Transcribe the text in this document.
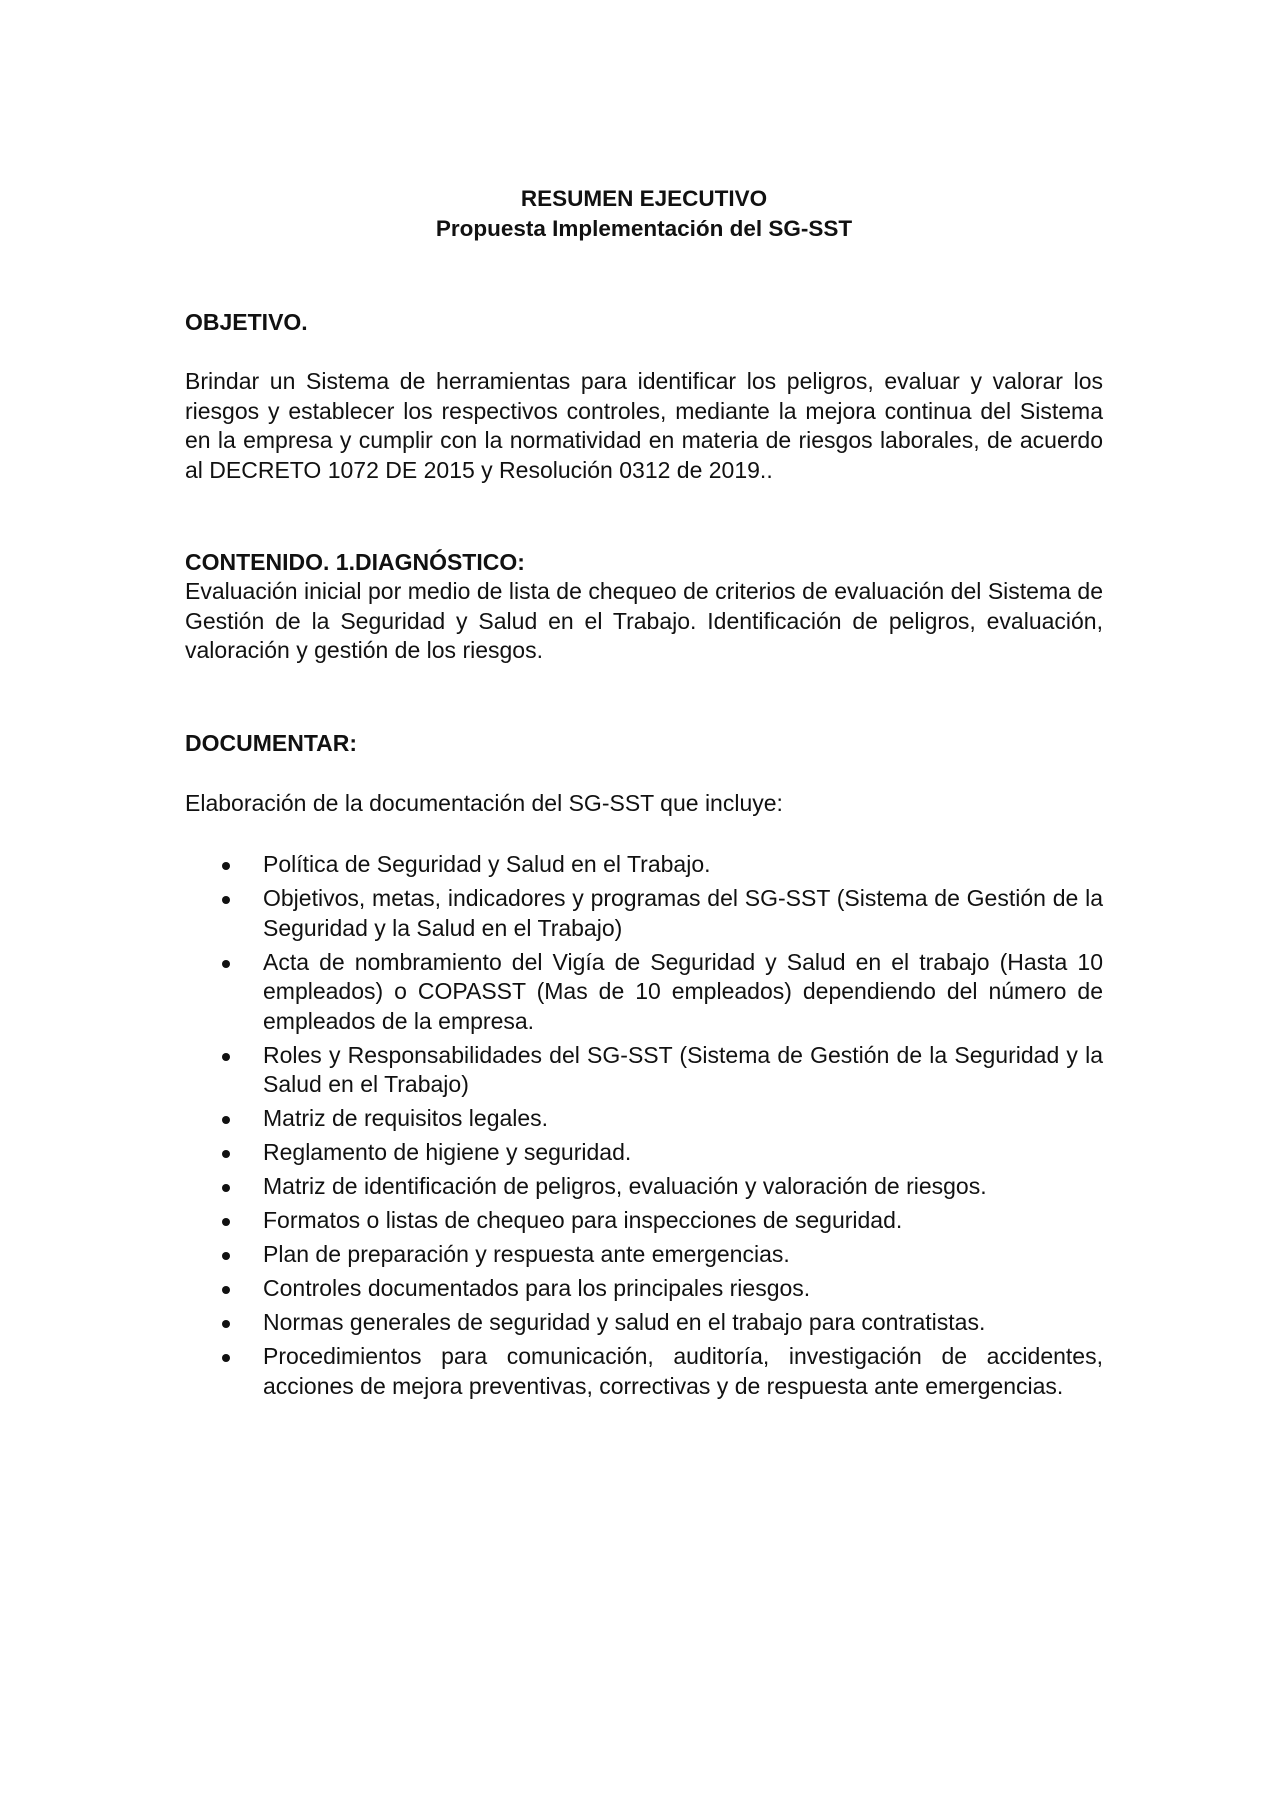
RESUMEN EJECUTIVO
Propuesta Implementación del SG-SST

OBJETIVO.

Brindar un Sistema de herramientas para identificar los peligros, evaluar y valorar los riesgos y establecer los respectivos controles, mediante la mejora continua del Sistema en la empresa y cumplir con la normatividad en materia de riesgos laborales, de acuerdo al DECRETO 1072 DE 2015 y Resolución 0312 de 2019..

CONTENIDO. 1.DIAGNÓSTICO:

Evaluación inicial por medio de lista de chequeo de criterios de evaluación del Sistema de Gestión de la Seguridad y Salud en el Trabajo. Identificación de peligros, evaluación, valoración y gestión de los riesgos.

DOCUMENTAR:

Elaboración de la documentación del SG-SST que incluye:

Política de Seguridad y Salud en el Trabajo.
Objetivos, metas, indicadores y programas del SG-SST (Sistema de Gestión de la Seguridad y la Salud en el Trabajo)
Acta de nombramiento del Vigía de Seguridad y Salud en el trabajo (Hasta 10 empleados) o COPASST (Mas de 10 empleados) dependiendo del número de empleados de la empresa.
Roles y Responsabilidades del SG-SST (Sistema de Gestión de la Seguridad y la Salud en el Trabajo)
Matriz de requisitos legales.
Reglamento de higiene y seguridad.
Matriz de identificación de peligros, evaluación y valoración de riesgos.
Formatos o listas de chequeo para inspecciones de seguridad.
Plan de preparación y respuesta ante emergencias.
Controles documentados para los principales riesgos.
Normas generales de seguridad y salud en el trabajo para contratistas.
Procedimientos para comunicación, auditoría, investigación de accidentes, acciones de mejora preventivas, correctivas y de respuesta ante emergencias.
